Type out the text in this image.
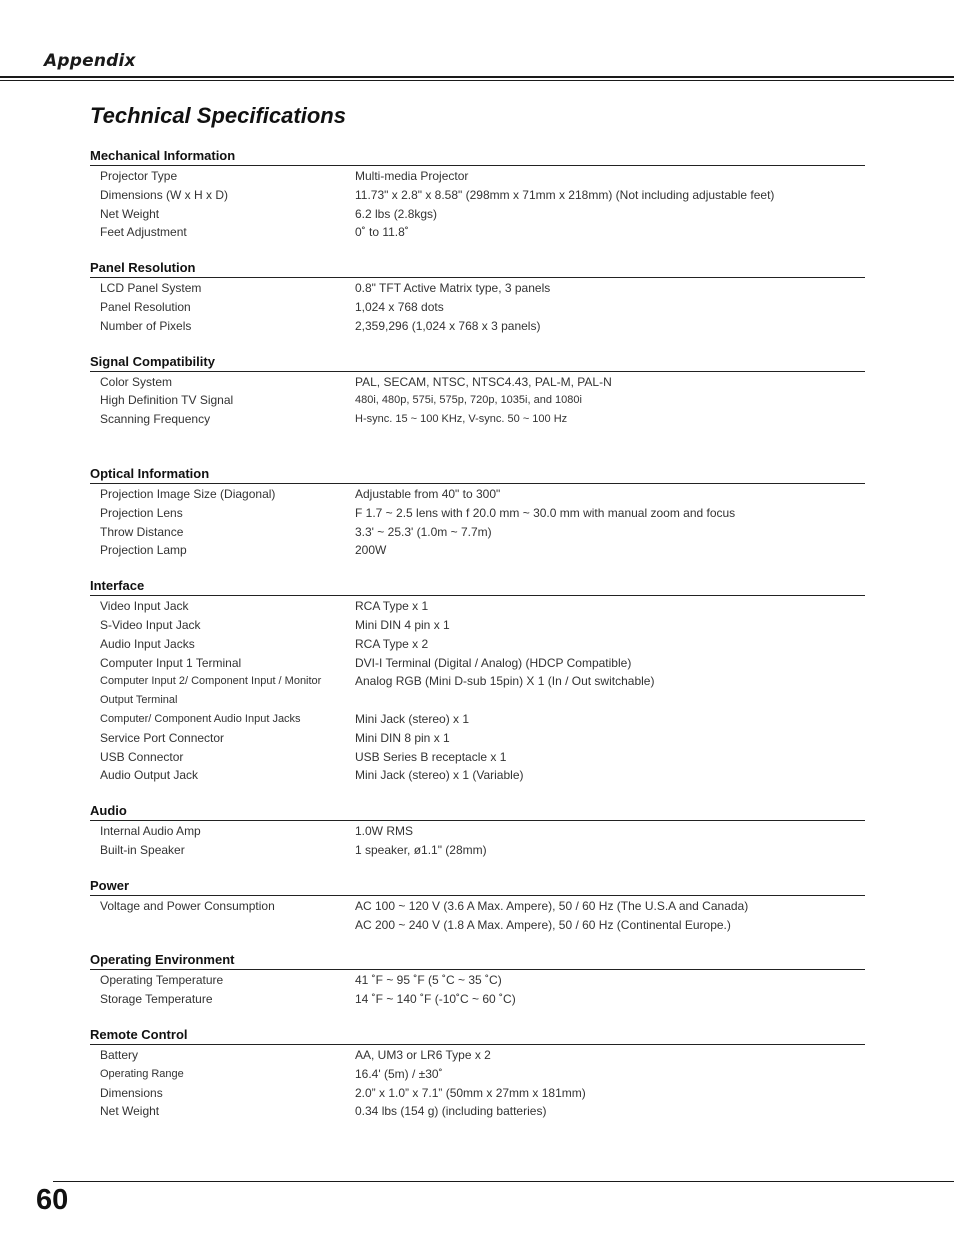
Appendix
Technical Specifications
Mechanical Information
Projector Type	Multi-media Projector
Dimensions (W x H x D)	11.73" x 2.8" x 8.58" (298mm x 71mm x 218mm) (Not including adjustable feet)
Net Weight	6.2 lbs (2.8kgs)
Feet Adjustment	0˚ to 11.8˚
Panel Resolution
LCD Panel System	0.8" TFT Active Matrix type, 3 panels
Panel Resolution	1,024 x 768 dots
Number of Pixels	2,359,296 (1,024 x 768 x 3 panels)
Signal Compatibility
Color System	PAL, SECAM, NTSC, NTSC4.43, PAL-M, PAL-N
High Definition TV Signal	480i, 480p, 575i, 575p, 720p, 1035i, and 1080i
Scanning Frequency	H-sync. 15 ~ 100 KHz, V-sync. 50 ~ 100 Hz
Optical Information
Projection Image Size (Diagonal)	Adjustable from 40" to 300"
Projection Lens	F 1.7 ~ 2.5 lens with f 20.0 mm ~ 30.0 mm with manual zoom and focus
Throw Distance	3.3' ~ 25.3' (1.0m ~ 7.7m)
Projection Lamp	200W
Interface
Video Input Jack	RCA Type x 1
S-Video Input Jack	Mini DIN 4 pin x 1
Audio Input Jacks	RCA Type x 2
Computer Input 1 Terminal	DVI-I Terminal (Digital / Analog) (HDCP Compatible)
Computer Input 2/ Component Input / Monitor	Analog RGB (Mini D-sub 15pin) X 1 (In / Out switchable)
Output Terminal
Computer/ Component Audio Input Jacks	Mini Jack (stereo) x 1
Service Port Connector	Mini DIN 8 pin x 1
USB Connector	USB Series B receptacle x 1
Audio Output Jack	Mini Jack (stereo) x 1 (Variable)
Audio
Internal Audio Amp	1.0W RMS
Built-in Speaker	1 speaker, ø1.1" (28mm)
Power
Voltage and Power Consumption	AC 100 ~ 120 V (3.6 A Max. Ampere), 50 / 60 Hz (The U.S.A and Canada)
AC 200 ~ 240 V (1.8 A Max. Ampere), 50 / 60 Hz (Continental Europe.)
Operating Environment
Operating Temperature	41 ˚F ~ 95 ˚F (5 ˚C ~ 35 ˚C)
Storage Temperature	14 ˚F ~ 140 ˚F (-10˚C ~ 60 ˚C)
Remote Control
Battery	AA, UM3 or LR6 Type x 2
Operating Range	16.4' (5m) / ±30˚
Dimensions	2.0” x 1.0” x 7.1” (50mm x 27mm x 181mm)
Net Weight	0.34 lbs (154 g) (including batteries)
60
